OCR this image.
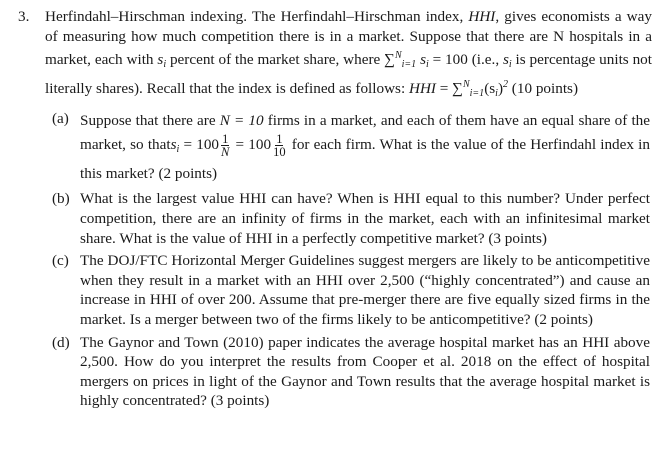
3.	Herfindahl–Hirschman indexing. The Herfindahl–Hirschman index, HHI, gives economists a way of measuring how much competition there is in a market. Suppose that there are N hospitals in a market, each with $s_i$ percent of the market share, where ∑$^N_{i=1}$ $s_i = 100$ (i.e., $s_i$ is percentage units not literally shares). Recall that the index is defined as follows: HHI = $\sum^N_{i=1}(s_i)^2$ (10 points)
(a) Suppose that there are N = 10 firms in a market, and each of them have an equal share of the market, so thats$_i$ = $100 \frac{1}{N} = 100 \frac{1}{10}$ for each firm. What is the value of the Herfindahl index in this market? (2 points)
(b) What is the largest value HHI can have? When is HHI equal to this number? Under perfect competition, there are an infinity of firms in the market, each with an infinitesimal market share. What is the value of HHI in a perfectly competitive market? (3 points)
(c) The DOJ/FTC Horizontal Merger Guidelines suggest mergers are likely to be anticompetitive when they result in a market with an HHI over 2,500 (“highly concentrated”) and cause an increase in HHI of over 200. Assume that pre-merger there are five equally sized firms in the market. Is a merger between two of the firms likely to be anticompetitive? (2 points)
(d) The Gaynor and Town (2010) paper indicates the average hospital market has an HHI above 2,500. How do you interpret the results from Cooper et al. 2018 on the effect of hospital mergers on prices in light of the Gaynor and Town results that the average hospital market is highly concentrated? (3 points)
